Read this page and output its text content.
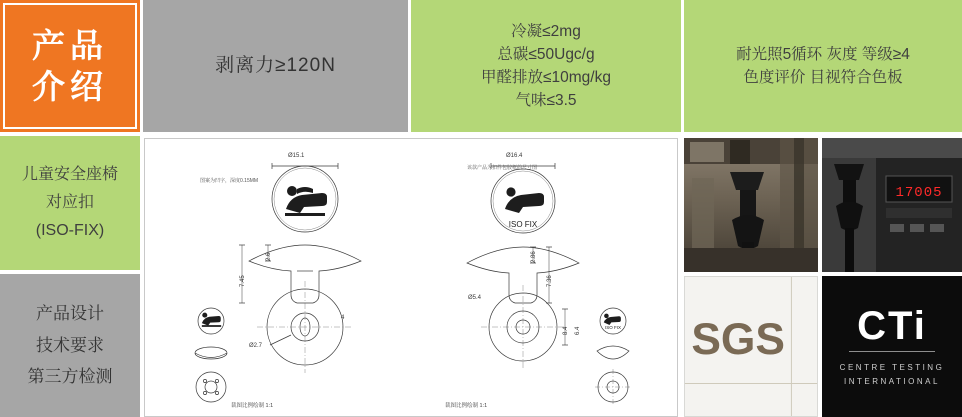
产品
介绍
剥离力≥120N
冷凝≤2mg
总碳≤50Ugc/g
甲醛排放≤10mg/kg
气味≤3.5
耐光照5循环 灰度 等级≥4
色度评价 目视符合色板
儿童安全座椅
对应扣
(ISO-FIX)
产品设计
技术要求
第三方检测
ISO FIX
ISO FIX
图案为凹字，深度0.15MM
该款产品为扣件包胶框的尺寸图
Ø15.1	Ø16.4
2.6
7.45
Ø2.7
2.86
7.36
Ø5.4
6.4
8.4
4
裁图比例绘制 1:1	裁图比例绘制 1:1
17005
SGS CTi
CENTRE TESTING
INTERNATIONAL
